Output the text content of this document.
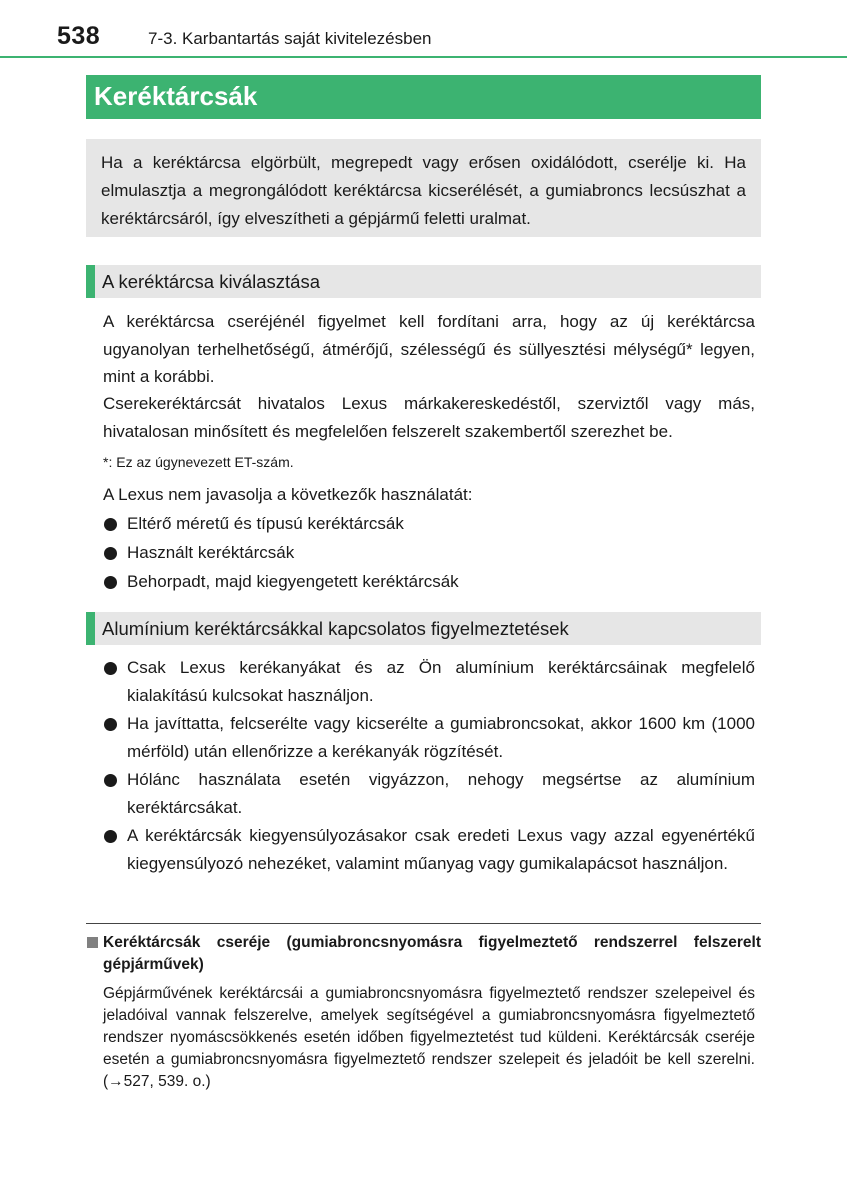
538	7-3. Karbantartás saját kivitelezésben
Keréktárcsák

Ha a keréktárcsa elgörbült, megrepedt vagy erősen oxidálódott, cserélje ki. Ha elmulasztja a megrongálódott keréktárcsa kicserélését, a gumiabroncs lecsúszhat a keréktárcsáról, így elveszítheti a gépjármű feletti uralmat.

A keréktárcsa kiválasztása

A keréktárcsa cseréjénél figyelmet kell fordítani arra, hogy az új keréktárcsa ugyanolyan terhelhetőségű, átmérőjű, szélességű és süllyesztési mélységű* legyen, mint a korábbi.

Cserekeréktárcsát hivatalos Lexus márkakereskedéstől, szerviztől vagy más, hivatalosan minősített és megfelelően felszerelt szakembertől szerezhet be.

*: Ez az úgynevezett ET-szám.

A Lexus nem javasolja a következők használatát:

Eltérő méretű és típusú keréktárcsák

Használt keréktárcsák

Behorpadt, majd kiegyengetett keréktárcsák

Alumínium keréktárcsákkal kapcsolatos figyelmeztetések

Csak Lexus kerékanyákat és az Ön alumínium keréktárcsáinak megfelelő kialakítású kulcsokat használjon.

Ha javíttatta, felcserélte vagy kicserélte a gumiabroncsokat, akkor 1600 km (1000 mérföld) után ellenőrizze a kerékanyák rögzítését.

Hólánc használata esetén vigyázzon, nehogy megsértse az alumínium keréktárcsákat.

A keréktárcsák kiegyensúlyozásakor csak eredeti Lexus vagy azzal egyenértékű kiegyensúlyozó nehezéket, valamint műanyag vagy gumikalapácsot használjon.

Keréktárcsák cseréje (gumiabroncsnyomásra figyelmeztető rendszerrel felszerelt gépjárművek)

Gépjárművének keréktárcsái a gumiabroncsnyomásra figyelmeztető rendszer szelepeivel és jeladóival vannak felszerelve, amelyek segítségével a gumiabroncsnyomásra figyelmeztető rendszer nyomáscsökkenés esetén időben figyelmeztetést tud küldeni. Keréktárcsák cseréje esetén a gumiabroncsnyomásra figyelmeztető rendszer szelepeit és jeladóit be kell szerelni. (→527, 539. o.)
